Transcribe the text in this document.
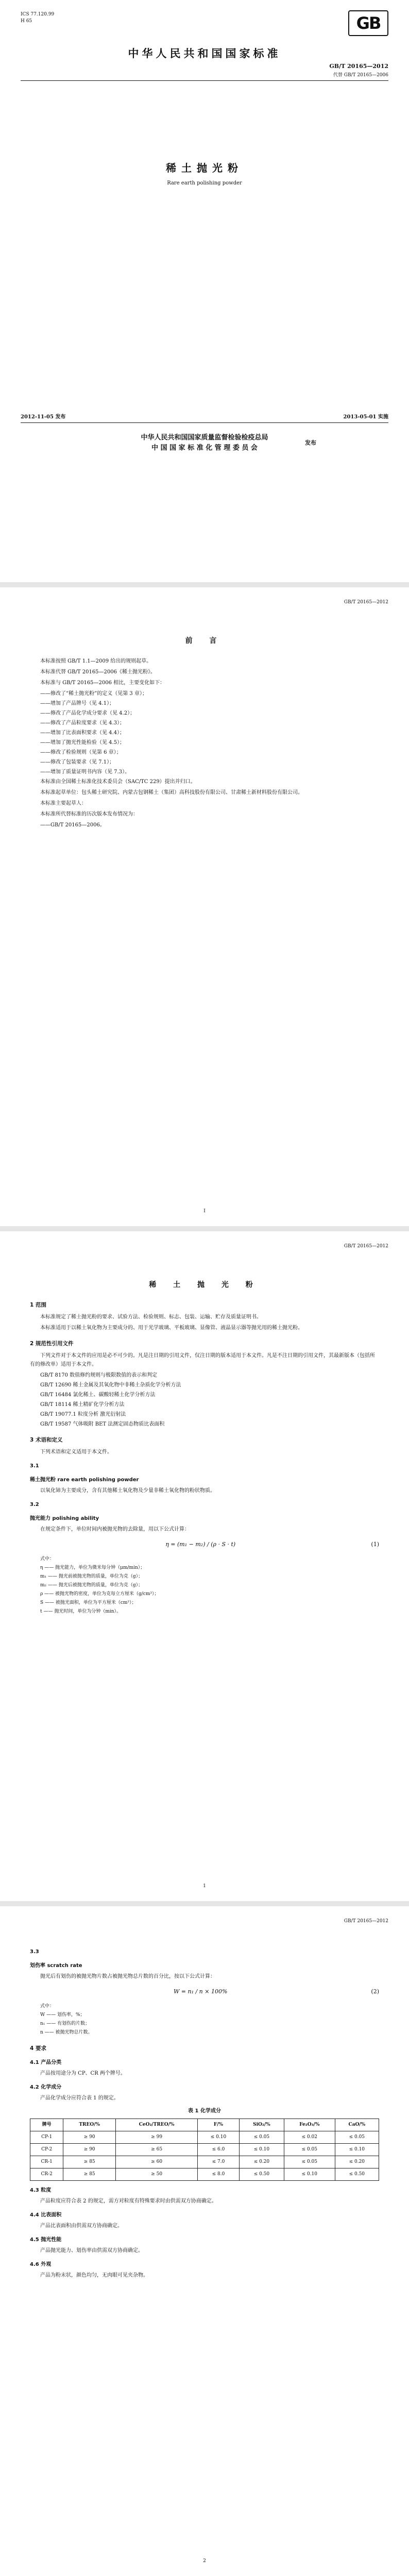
ICS 77.120.99
H 65	GB
中华人民共和国国家标准
GB/T 20165—2012
代替 GB/T 20165—2006
稀土抛光粉
Rare earth polishing powder
2012-11-05 发布	2013-05-01 实施
中华人民共和国国家质量监督检验检疫总局
中 国 国 家 标 准 化 管 理 委 员 会
发布
GB/T 20165—2012
前 言

本标准按照 GB/T 1.1—2009 给出的规则起草。

本标准代替 GB/T 20165—2006《稀土抛光粉》。

本标准与 GB/T 20165—2006 相比，主要变化如下：

——修改了“稀土抛光粉”的定义（见第 3 章）；
——增加了产品牌号（见 4.1）；
——修改了产品化学成分要求（见 4.2）；
——修改了产品粒度要求（见 4.3）；
——增加了比表面积要求（见 4.4）；
——增加了抛光性能检验（见 4.5）；
——修改了检验规则（见第 6 章）；
——修改了包装要求（见 7.1）；
——增加了质量证明书内容（见 7.3）。

本标准由全国稀土标准化技术委员会（SAC/TC 229）提出并归口。

本标准起草单位：包头稀土研究院、内蒙古包钢稀土（集团）高科技股份有限公司、甘肃稀土新材料股份有限公司。

本标准主要起草人：

本标准所代替标准的历次版本发布情况为：

——GB/T 20165—2006。
I
GB/T 20165—2012
稀 土 抛 光 粉
1 范围

本标准规定了稀土抛光粉的要求、试验方法、检验规则、标志、包装、运输、贮存及质量证明书。

本标准适用于以稀土氧化物为主要成分的、用于光学玻璃、平板玻璃、显像管、液晶显示器等抛光用的稀土抛光粉。

2 规范性引用文件

下列文件对于本文件的应用是必不可少的。凡是注日期的引用文件，仅注日期的版本适用于本文件。凡是不注日期的引用文件，其最新版本（包括所有的修改单）适用于本文件。

GB/T 8170 数值修约规则与极限数值的表示和判定
GB/T 12690 稀土金属及其氧化物中非稀土杂质化学分析方法
GB/T 16484 氯化稀土、碳酸轻稀土化学分析方法
GB/T 18114 稀土精矿化学分析方法
GB/T 19077.1 粒度分析 激光衍射法
GB/T 19587 气体吸附 BET 法测定固态物质比表面积
3 术语和定义

下列术语和定义适用于本文件。

3.1
稀土抛光粉 rare earth polishing powder

以氧化铈为主要成分，含有其他稀土氧化物及少量非稀土氧化物的粉状物质。

3.2
抛光能力 polishing ability

在规定条件下，单位时间内被抛光物的去除量，用以下公式计算：

η = (m₁ − m₂) / (ρ · S · t)	(1)
式中：
η —— 抛光能力，单位为微米每分钟（μm/min）；
m₁ —— 抛光前被抛光物的质量，单位为克（g）；
m₂ —— 抛光后被抛光物的质量，单位为克（g）；
ρ —— 被抛光物的密度，单位为克每立方厘米（g/cm³）；
S —— 被抛光面积，单位为平方厘米（cm²）；
t —— 抛光时间，单位为分钟（min）。
1
GB/T 20165—2012
3.3
划伤率 scratch rate

抛光后有划伤的被抛光物片数占被抛光物总片数的百分比，按以下公式计算：

W = n₁ / n × 100%	(2)
式中：
W —— 划伤率，%；
n₁ —— 有划伤的片数；
n —— 被抛光物总片数。
4 要求
4.1 产品分类

产品按用途分为 CP、CR 两个牌号。

4.2 化学成分

产品化学成分应符合表 1 的规定。

表 1 化学成分
牌号	TREO/%	CeO₂/TREO/%	F/%	SiO₂/%	Fe₂O₃/%	CaO/%
CP-1	≥ 90	≥ 99	≤ 0.10	≤ 0.05	≤ 0.02	≤ 0.05
CP-2	≥ 90	≥ 65	≤ 6.0	≤ 0.10	≤ 0.05	≤ 0.10
CR-1	≥ 85	≥ 60	≤ 7.0	≤ 0.20	≤ 0.05	≤ 0.20
CR-2	≥ 85	≥ 50	≤ 8.0	≤ 0.50	≤ 0.10	≤ 0.50
4.3 粒度

产品粒度应符合表 2 的规定，需方对粒度有特殊要求时由供需双方协商确定。

4.4 比表面积

产品比表面积由供需双方协商确定。

4.5 抛光性能

产品抛光能力、划伤率由供需双方协商确定。

4.6 外观

产品为粉末状，颜色均匀，无肉眼可见夹杂物。

2
